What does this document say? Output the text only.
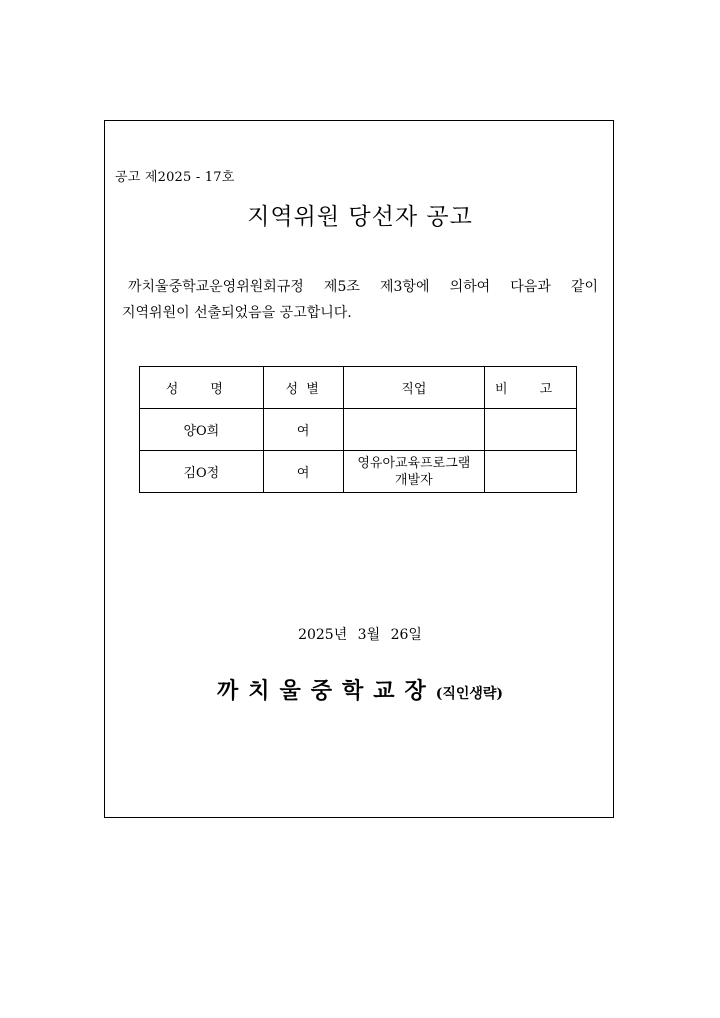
공고 제2025 - 17호
지역위원 당선자 공고
까치울중학교운영위원회규정 제5조 제3항에 의하여 다음과 같이
지역위원이 선출되었음을 공고합니다.
성 명	성 별	직업	비 고
양O희	여		
김O정	여	영유아교육프로그램
개발자	
2025년 3월 26일
까치울중학교장(직인생략)
